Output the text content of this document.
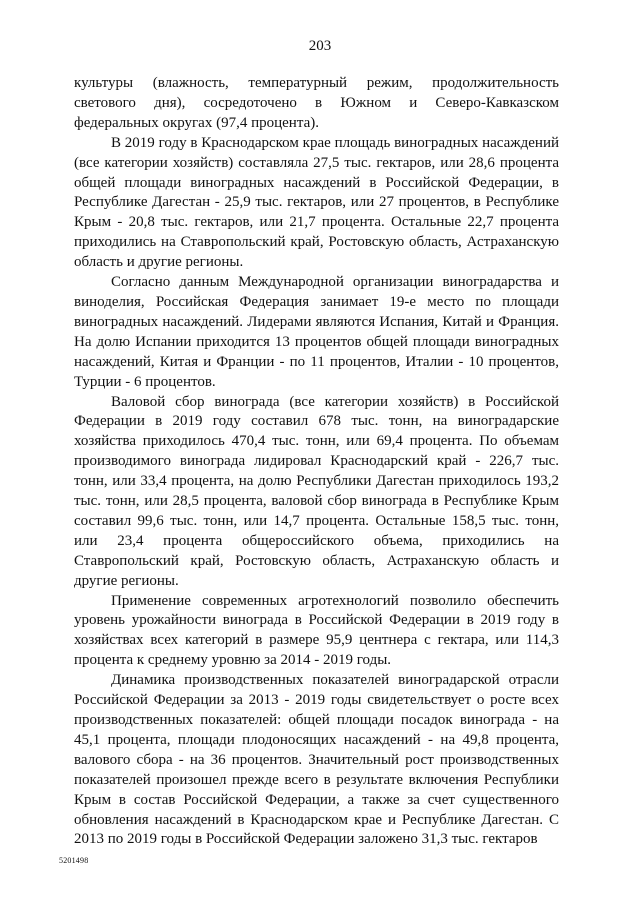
203

культуры (влажность, температурный режим, продолжительность светового дня), сосредоточено в Южном и Северо-Кавказском федеральных округах (97,4 процента).

В 2019 году в Краснодарском крае площадь виноградных насаждений (все категории хозяйств) составляла 27,5 тыс. гектаров, или 28,6 процента общей площади виноградных насаждений в Российской Федерации, в Республике Дагестан - 25,9 тыс. гектаров, или 27 процентов, в Республике Крым - 20,8 тыс. гектаров, или 21,7 процента. Остальные 22,7 процента приходились на Ставропольский край, Ростовскую область, Астраханскую область и другие регионы.

Согласно данным Международной организации виноградарства и виноделия, Российская Федерация занимает 19-е место по площади виноградных насаждений. Лидерами являются Испания, Китай и Франция. На долю Испании приходится 13 процентов общей площади виноградных насаждений, Китая и Франции - по 11 процентов, Италии - 10 процентов, Турции - 6 процентов.

Валовой сбор винограда (все категории хозяйств) в Российской Федерации в 2019 году составил 678 тыс. тонн, на виноградарские хозяйства приходилось 470,4 тыс. тонн, или 69,4 процента. По объемам производимого винограда лидировал Краснодарский край - 226,7 тыс. тонн, или 33,4 процента, на долю Республики Дагестан приходилось 193,2 тыс. тонн, или 28,5 процента, валовой сбор винограда в Республике Крым составил 99,6 тыс. тонн, или 14,7 процента. Остальные 158,5 тыс. тонн, или 23,4 процента общероссийского объема, приходились на Ставропольский край, Ростовскую область, Астраханскую область и другие регионы.

Применение современных агротехнологий позволило обеспечить уровень урожайности винограда в Российской Федерации в 2019 году в хозяйствах всех категорий в размере 95,9 центнера с гектара, или 114,3 процента к среднему уровню за 2014 - 2019 годы.

Динамика производственных показателей виноградарской отрасли Российской Федерации за 2013 - 2019 годы свидетельствует о росте всех производственных показателей: общей площади посадок винограда - на 45,1 процента, площади плодоносящих насаждений - на 49,8 процента, валового сбора - на 36 процентов. Значительный рост производственных показателей произошел прежде всего в результате включения Республики Крым в состав Российской Федерации, а также за счет существенного обновления насаждений в Краснодарском крае и Республике Дагестан. С 2013 по 2019 годы в Российской Федерации заложено 31,3 тыс. гектаров

5201498
